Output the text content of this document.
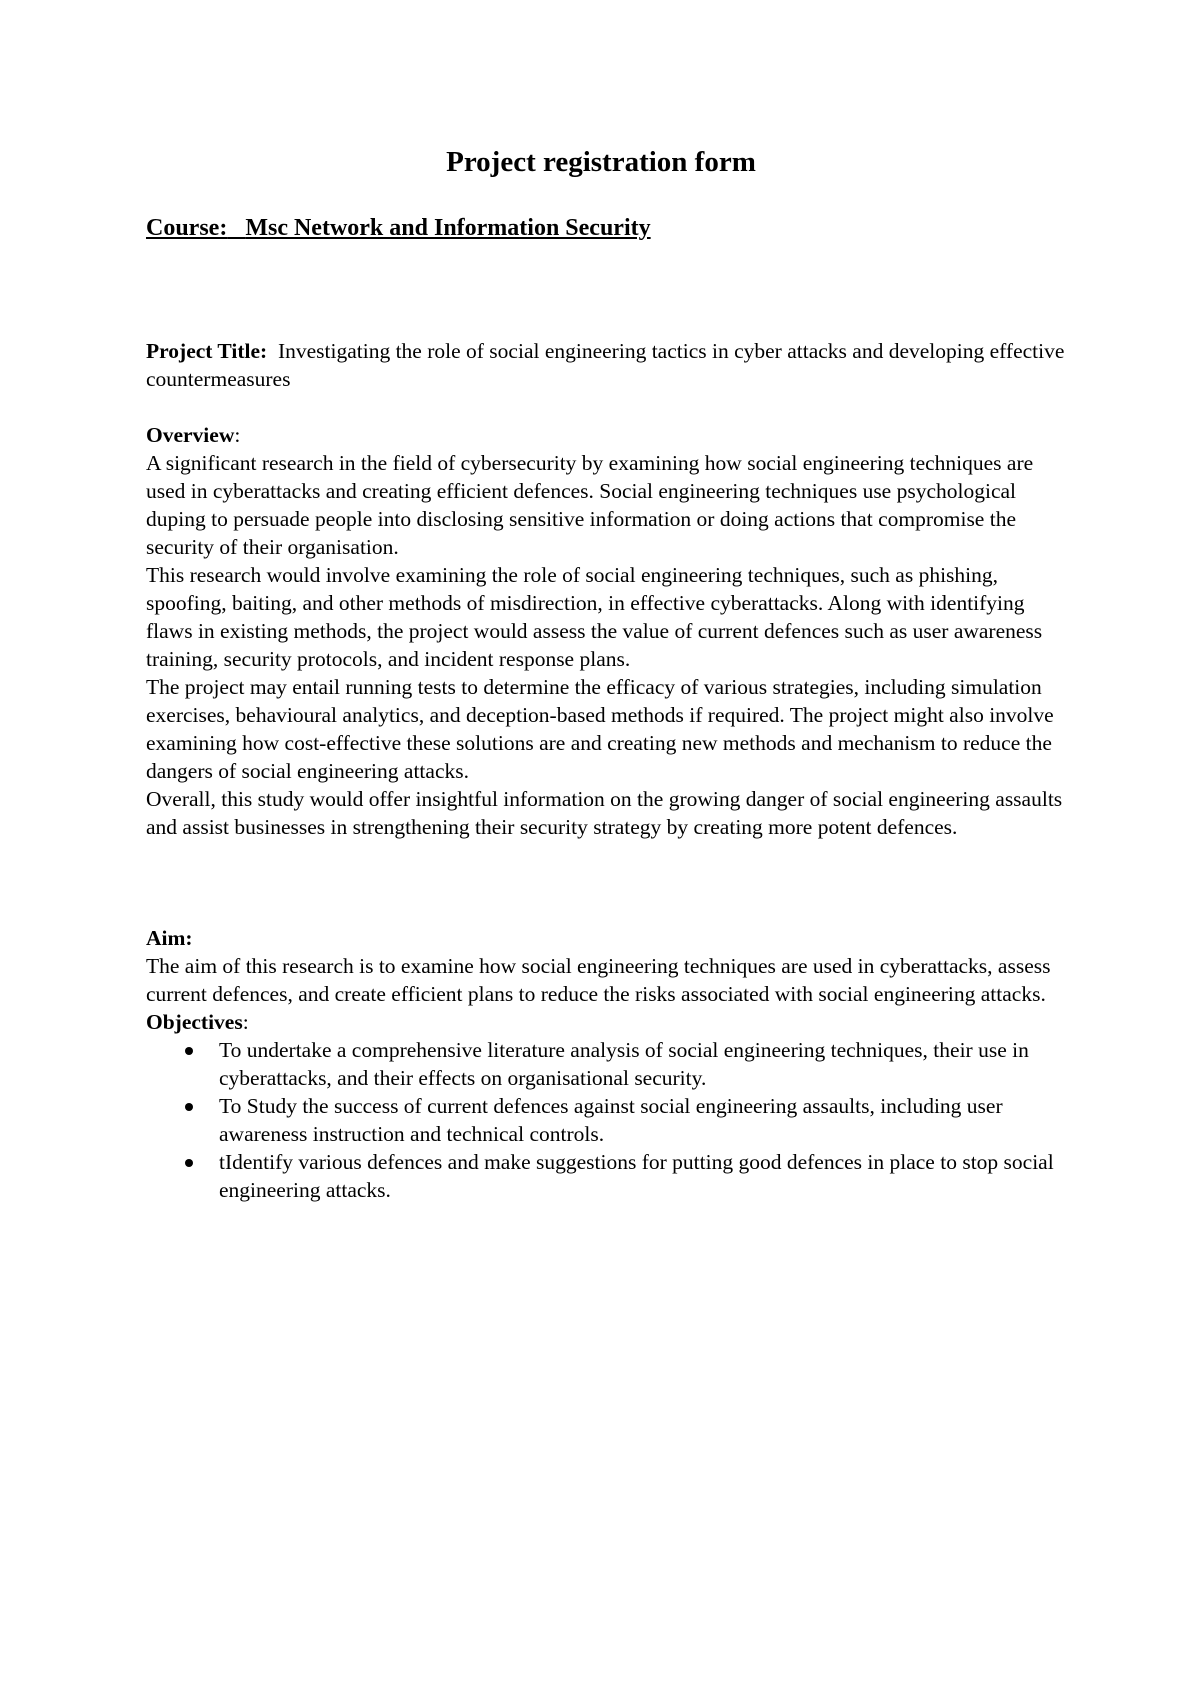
Project registration form
Course: Msc Network and Information Security

Project Title: Investigating the role of social engineering tactics in cyber attacks and developing effective countermeasures

Overview:

A significant research in the field of cybersecurity by examining how social engineering techniques are used in cyberattacks and creating efficient defences. Social engineering techniques use psychological duping to persuade people into disclosing sensitive information or doing actions that compromise the security of their organisation.

This research would involve examining the role of social engineering techniques, such as phishing, spoofing, baiting, and other methods of misdirection, in effective cyberattacks. Along with identifying flaws in existing methods, the project would assess the value of current defences such as user awareness training, security protocols, and incident response plans.

The project may entail running tests to determine the efficacy of various strategies, including simulation exercises, behavioural analytics, and deception-based methods if required. The project might also involve examining how cost-effective these solutions are and creating new methods and mechanism to reduce the dangers of social engineering attacks.

Overall, this study would offer insightful information on the growing danger of social engineering assaults and assist businesses in strengthening their security strategy by creating more potent defences.

Aim:

The aim of this research is to examine how social engineering techniques are used in cyberattacks, assess current defences, and create efficient plans to reduce the risks associated with social engineering attacks.

Objectives:

To undertake a comprehensive literature analysis of social engineering techniques, their use in cyberattacks, and their effects on organisational security.
To Study the success of current defences against social engineering assaults, including user awareness instruction and technical controls.
tIdentify various defences and make suggestions for putting good defences in place to stop social engineering attacks.
